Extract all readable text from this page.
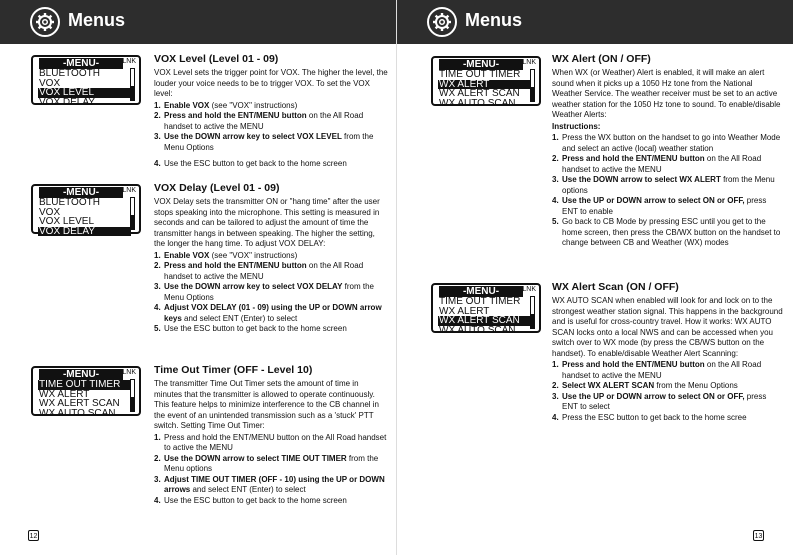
Menus
-MENU-	LNK
BLUETOOTH
VOX
VOX LEVEL
VOX DELAY
-MENU-	LNK
BLUETOOTH
VOX
VOX LEVEL
VOX DELAY
-MENU-	LNK
TIME OUT TIMER
WX ALERT
WX ALERT SCAN
WX AUTO SCAN
VOX Level (Level 01 - 09)

VOX Level sets the trigger point for VOX. The higher the level, the louder your voice needs to be to trigger VOX. To set the VOX level:

1. Enable VOX (see "VOX" instructions)
2. Press and hold the ENT/MENU button on the All Road handset to active the MENU
3. Use the DOWN arrow key to select VOX LEVEL from the Menu Options
4. Use the ESC button to get back to the home screen
VOX Delay (Level 01 - 09)

VOX Delay sets the transmitter ON or "hang time" after the user stops speaking into the microphone. This setting is measured in seconds and can be tailored to adjust the amount of time the transmitter hangs in between speaking. The higher the setting, the longer the hang time. To adjust VOX DELAY:

1. Enable VOX (see "VOX" instructions)
2. Press and hold the ENT/MENU button on the All Road handset to active the MENU
3. Use the DOWN arrow key to select VOX DELAY from the Menu Options
4. Adjust VOX DELAY (01 - 09) using the UP or DOWN arrow keys and select ENT (Enter) to select
5. Use the ESC button to get back to the home screen
Time Out Timer (OFF - Level 10)

The transmitter Time Out Timer sets the amount of time in minutes that the transmitter is allowed to operate continuously. This feature helps to minimize interference to the CB channel in the event of an unintended transmission such as a 'stuck' PTT switch. Setting Time Out Timer:

1. Press and hold the ENT/MENU button on the All Road handset to active the MENU
2. Use the DOWN arrow to select TIME OUT TIMER from the Menu options
3. Adjust TIME OUT TIMER (OFF - 10) using the UP or DOWN arrows and select ENT (Enter) to select
4. Use the ESC button to get back to the home screen
12
Menus
-MENU-	LNK
TIME OUT TIMER
WX ALERT
WX ALERT SCAN
WX AUTO SCAN
-MENU-	LNK
TIME OUT TIMER
WX ALERT
WX ALERT SCAN
WX AUTO SCAN
WX Alert (ON / OFF)

When WX (or Weather) Alert is enabled, it will make an alert sound when it picks up a 1050 Hz tone from the National Weather Service. The weather receiver must be set to an active weather station for the 1050 Hz tone to sound. To enable/disable Weather Alerts:

Instructions:

1. Press the WX button on the handset to go into Weather Mode and select an active (local) weather station
2. Press and hold the ENT/MENU button on the All Road handset to active the MENU
3. Use the DOWN arrow to select WX ALERT from the Menu options
4. Use the UP or DOWN arrow to select ON or OFF, press ENT to enable
5. Go back to CB Mode by pressing ESC until you get to the home screen, then press the CB/WX button on the handset to change between CB and Weather (WX) modes
WX Alert Scan (ON / OFF)

WX AUTO SCAN when enabled will look for and lock on to the strongest weather station signal. This happens in the background and is useful for cross-country travel. How it works: WX AUTO SCAN locks onto a local NWS and can be accessed when you switch over to WX mode (by press the CB/WS button on the handset). To enable/disable Weather Alert Scanning:

1. Press and hold the ENT/MENU button on the All Road handset to active the MENU
2. Select WX ALERT SCAN from the Menu Options
3. Use the UP or DOWN arrow to select ON or OFF, press ENT to select
4. Press the ESC button to get back to the home scree
13
